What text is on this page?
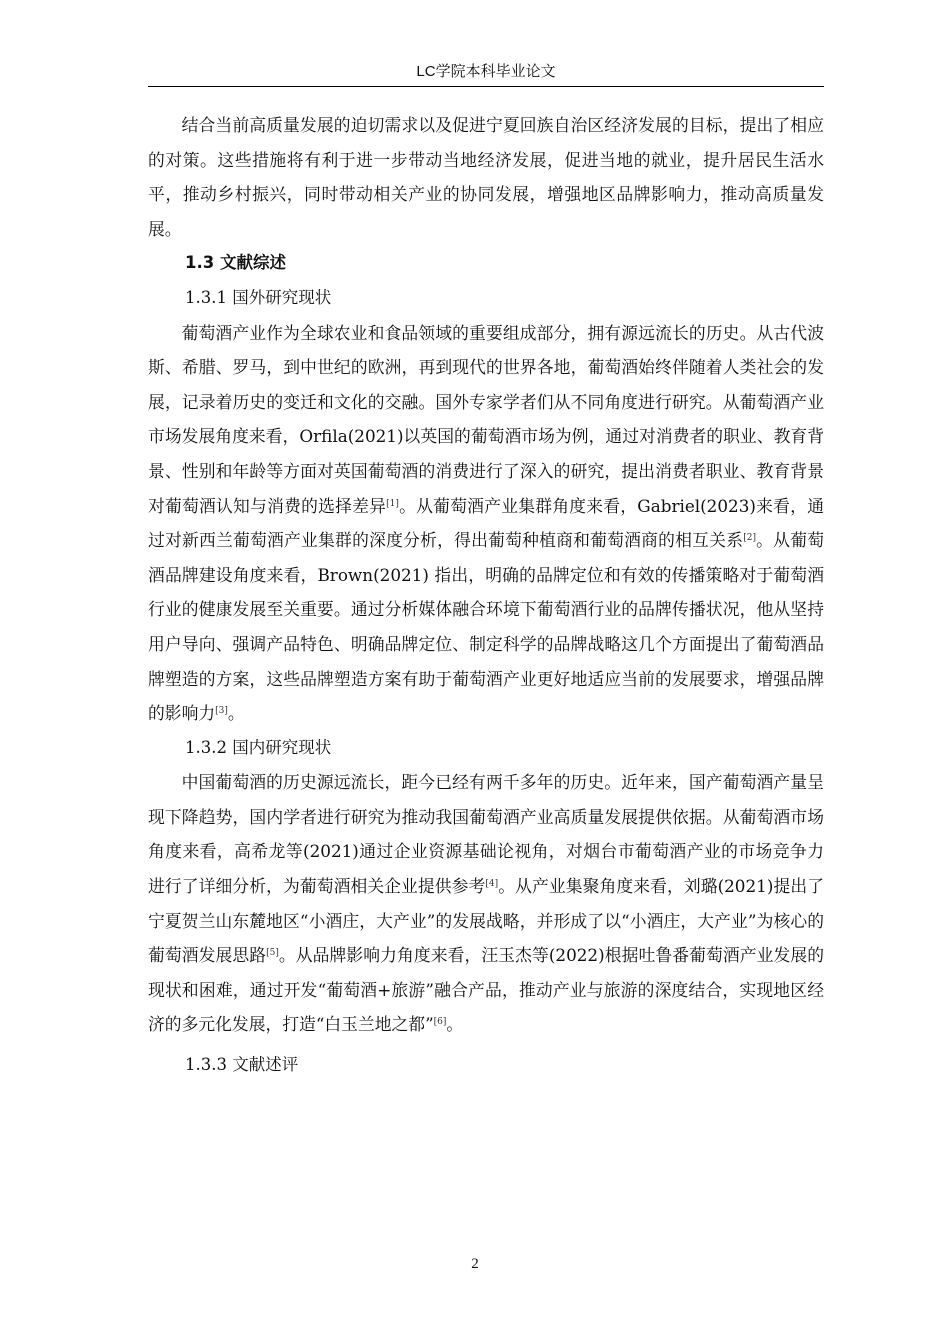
LC学院本科毕业论文

结合当前高质量发展的迫切需求以及促进宁夏回族自治区经济发展的目标，提出了相应的对策。这些措施将有利于进一步带动当地经济发展，促进当地的就业，提升居民生活水平，推动乡村振兴，同时带动相关产业的协同发展，增强地区品牌影响力，推动高质量发展。

1.3 文献综述

1.3.1 国外研究现状

葡萄酒产业作为全球农业和食品领域的重要组成部分，拥有源远流长的历史。从古代波斯、希腊、罗马，到中世纪的欧洲，再到现代的世界各地，葡萄酒始终伴随着人类社会的发展，记录着历史的变迁和文化的交融。国外专家学者们从不同角度进行研究。从葡萄酒产业市场发展角度来看，Orfila(2021)以英国的葡萄酒市场为例，通过对消费者的职业、教育背景、性别和年龄等方面对英国葡萄酒的消费进行了深入的研究，提出消费者职业、教育背景对葡萄酒认知与消费的选择差异[1]。从葡萄酒产业集群角度来看，Gabriel(2023)来看，通过对新西兰葡萄酒产业集群的深度分析，得出葡萄种植商和葡萄酒商的相互关系[2]。从葡萄酒品牌建设角度来看，Brown(2021) 指出，明确的品牌定位和有效的传播策略对于葡萄酒行业的健康发展至关重要。通过分析媒体融合环境下葡萄酒行业的品牌传播状况，他从坚持用户导向、强调产品特色、明确品牌定位、制定科学的品牌战略这几个方面提出了葡萄酒品牌塑造的方案，这些品牌塑造方案有助于葡萄酒产业更好地适应当前的发展要求，增强品牌的影响力[3]。

1.3.2 国内研究现状

中国葡萄酒的历史源远流长，距今已经有两千多年的历史。近年来，国产葡萄酒产量呈现下降趋势，国内学者进行研究为推动我国葡萄酒产业高质量发展提供依据。从葡萄酒市场角度来看，高希龙等(2021)通过企业资源基础论视角，对烟台市葡萄酒产业的市场竞争力进行了详细分析，为葡萄酒相关企业提供参考[4]。从产业集聚角度来看，刘璐(2021)提出了宁夏贺兰山东麓地区“小酒庄，大产业”的发展战略，并形成了以“小酒庄，大产业”为核心的葡萄酒发展思路[5]。从品牌影响力角度来看，汪玉杰等(2022)根据吐鲁番葡萄酒产业发展的现状和困难，通过开发“葡萄酒+旅游”融合产品，推动产业与旅游的深度结合，实现地区经济的多元化发展，打造“白玉兰地之都”[6]。

1.3.3 文献述评

2
